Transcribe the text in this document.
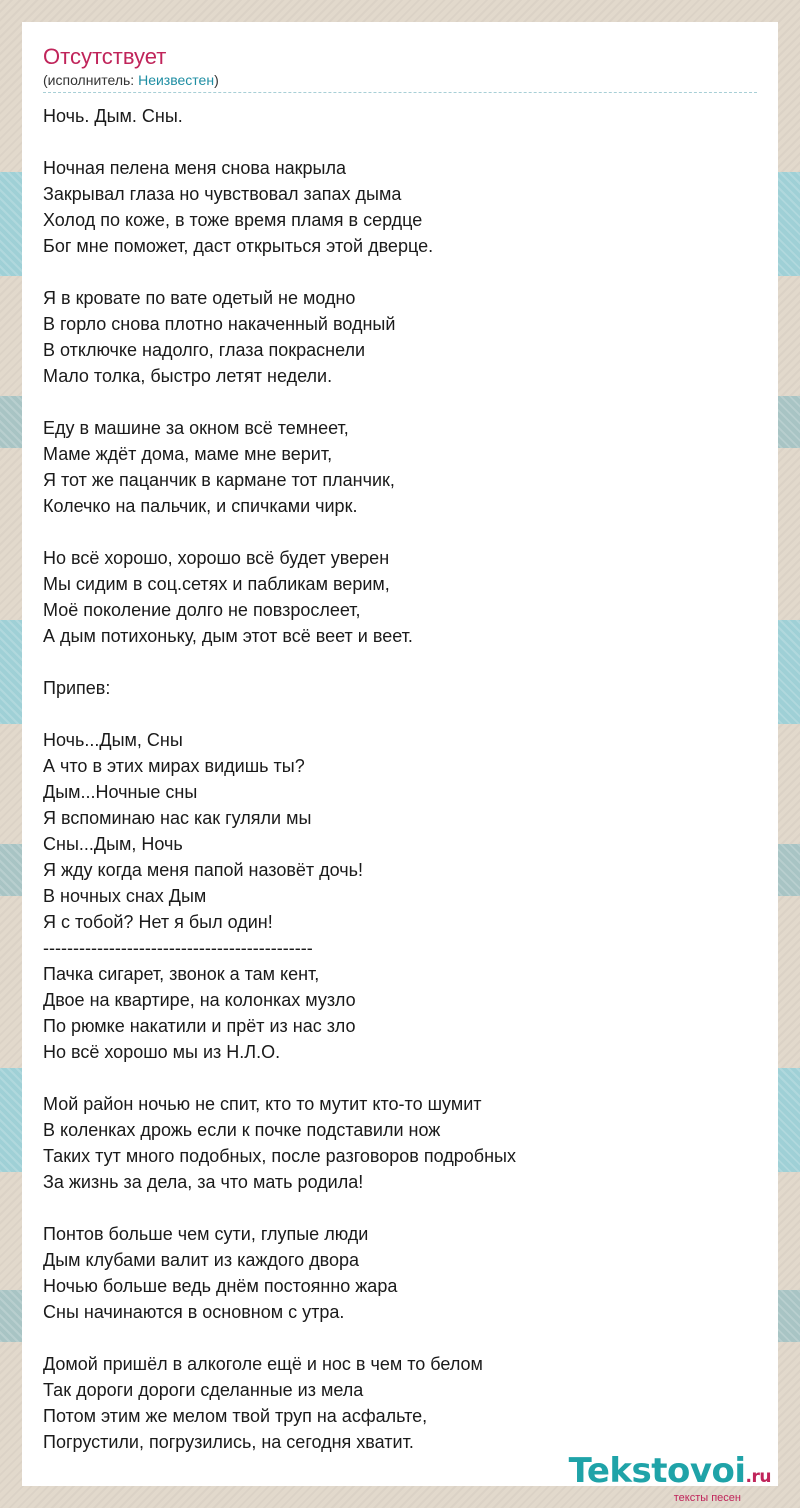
Отсутствует
(исполнитель: Неизвестен)
Ночь. Дым. Сны.

Ночная пелена меня снова накрыла
Закрывал глаза но чувствовал запах дыма
Холод по коже, в тоже время пламя в сердце
Бог мне поможет, даст открыться этой дверце.

Я в кровате по вате одетый не модно
В горло снова плотно накаченный водный
В отключке надолго, глаза покраснели
Мало толка, быстро летят недели.

Еду в машине за окном всё темнеет,
Маме ждёт дома, маме мне верит,
Я тот же пацанчик в кармане тот планчик,
Колечко на пальчик, и спичками чирк.

Но всё хорошо, хорошо всё будет уверен
Мы сидим в соц.сетях и пабликам верим,
Моё поколение долго не повзрослеет,
А дым потихоньку, дым этот всё веет и веет.

Припев:

Ночь...Дым, Сны
А что в этих мирах видишь ты?
Дым...Ночные сны
Я вспоминаю нас как гуляли мы
Сны...Дым, Ночь
Я жду когда меня папой назовёт дочь!
В ночных снах Дым
Я с тобой? Нет я был один!
---------------------------------------------
Пачка сигарет, звонок а там кент,
Двое на квартире, на колонках музло
По рюмке накатили и прёт из нас зло
Но всё хорошо мы из Н.Л.О.

Мой район ночью не спит, кто то мутит кто-то шумит
В коленках дрожь если к почке подставили нож
Таких тут много подобных, после разговоров подробных
За жизнь за дела, за что мать родила!

Понтов больше чем сути, глупые люди
Дым клубами валит из каждого двора
Ночью больше ведь днём постоянно жара
Сны начинаются в основном с утра.

Домой пришёл в алкоголе ещё и нос в чем то белом
Так дороги дороги сделанные из мела
Потом этим же мелом твой труп на асфальте,
Погрустили, погрузились, на сегодня хватит.
Tekstovoi.ru
тексты песен
